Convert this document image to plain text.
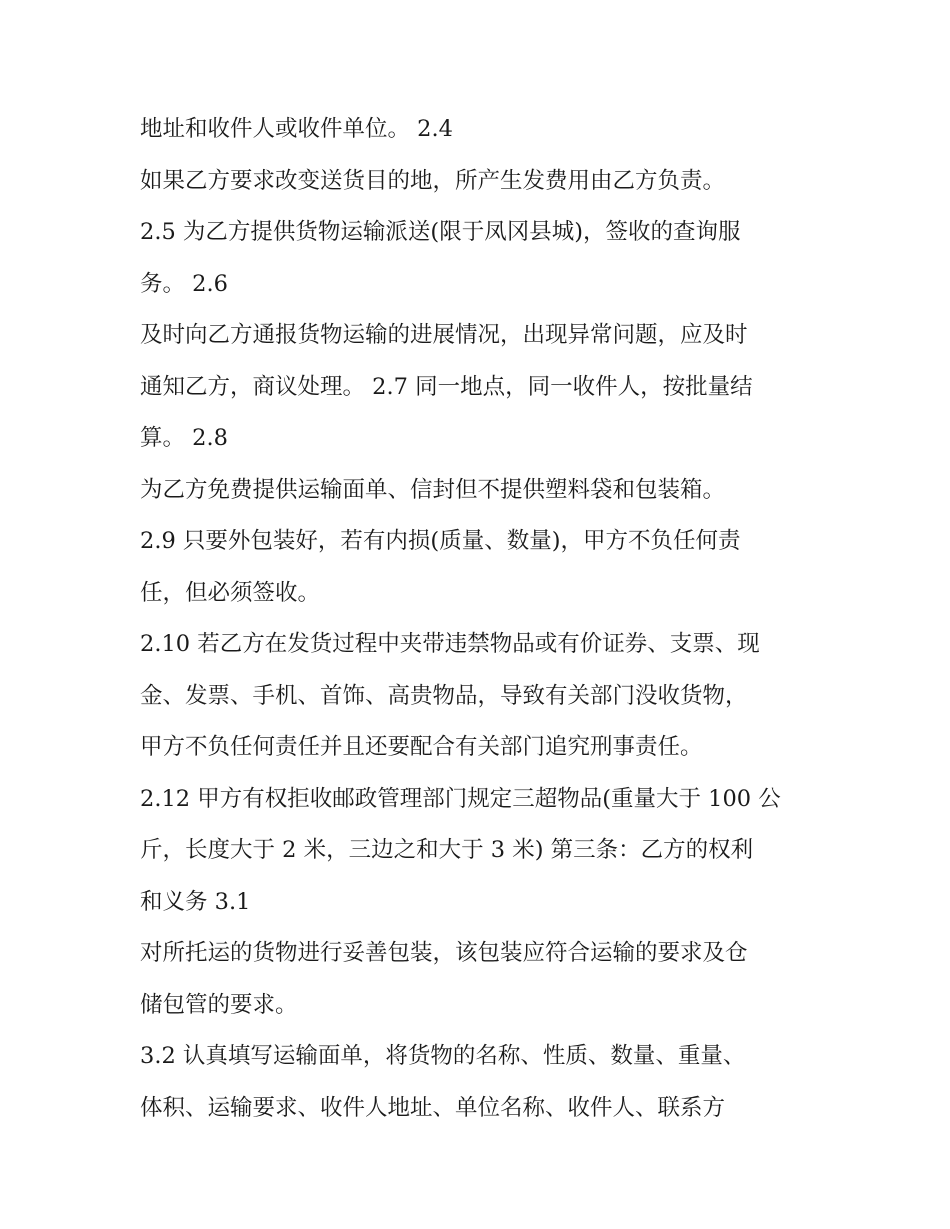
地址和收件人或收件单位。 2.4
如果乙方要求改变送货目的地，所产生发费用由乙方负责。
2.5 为乙方提供货物运输派送(限于凤冈县城)，签收的查询服
务。 2.6
及时向乙方通报货物运输的进展情况，出现异常问题，应及时
通知乙方，商议处理。 2.7 同一地点，同一收件人，按批量结
算。 2.8
为乙方免费提供运输面单、信封但不提供塑料袋和包装箱。
2.9 只要外包装好，若有内损(质量、数量)，甲方不负任何责
任，但必须签收。
2.10 若乙方在发货过程中夹带违禁物品或有价证券、支票、现
金、发票、手机、首饰、高贵物品，导致有关部门没收货物，
甲方不负任何责任并且还要配合有关部门追究刑事责任。
2.12 甲方有权拒收邮政管理部门规定三超物品(重量大于 100 公
斤，长度大于 2 米，三边之和大于 3 米) 第三条：乙方的权利
和义务 3.1
对所托运的货物进行妥善包装，该包装应符合运输的要求及仓
储包管的要求。
3.2 认真填写运输面单，将货物的名称、性质、数量、重量、
体积、运输要求、收件人地址、单位名称、收件人、联系方
